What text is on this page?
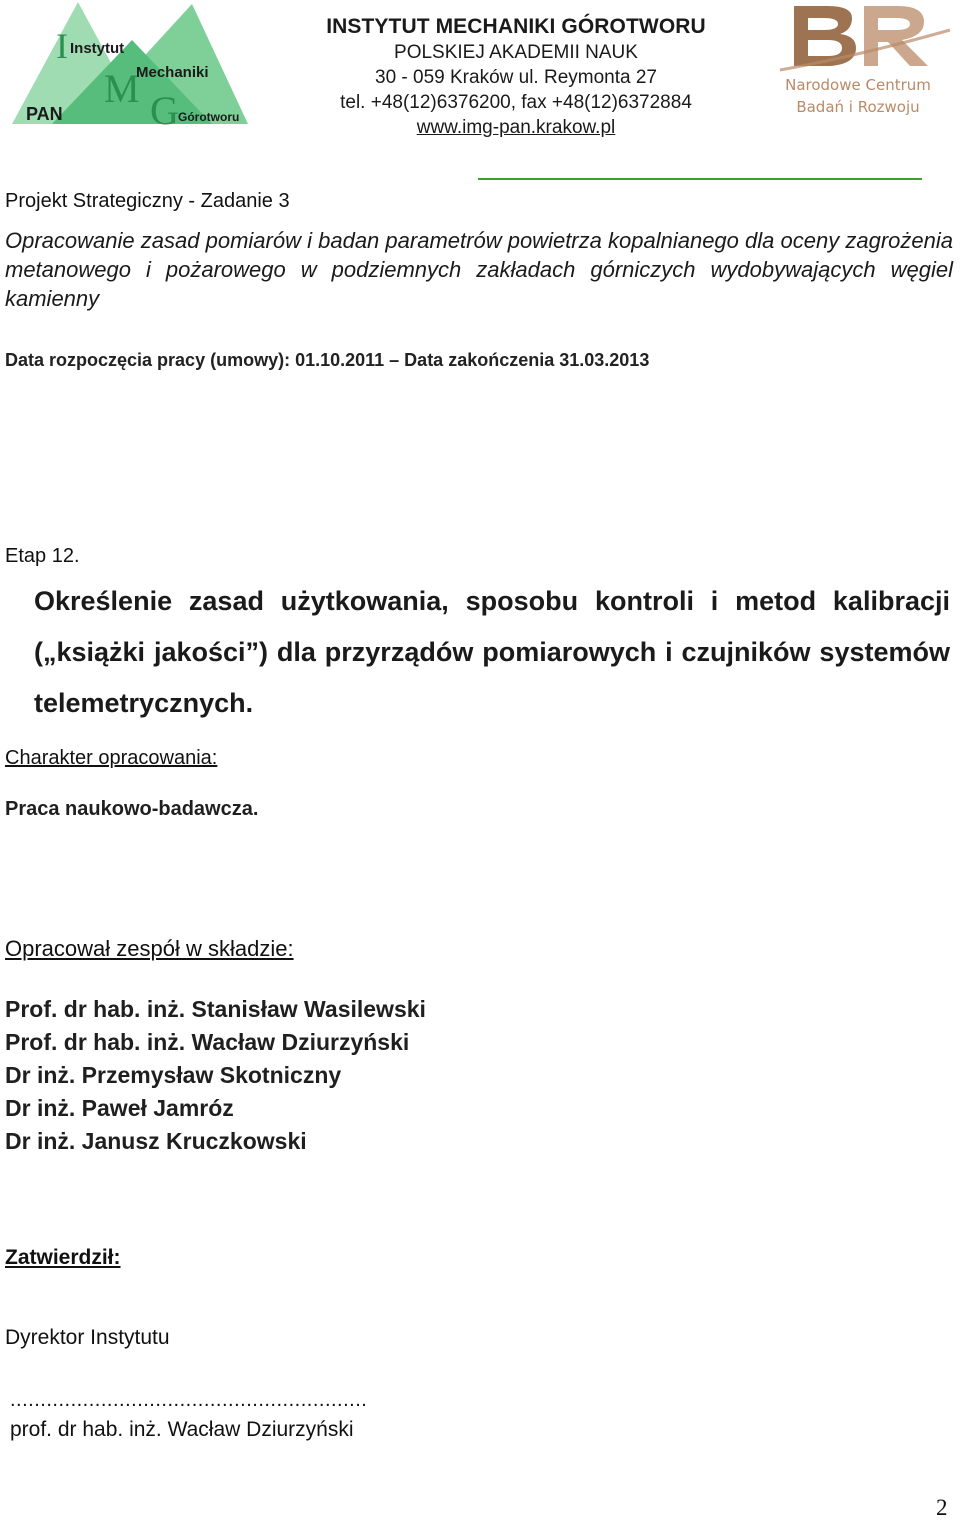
I
M G
Instytut
Mechaniki
Górotworu
PAN
INSTYTUT MECHANIKI GÓROTWORU
POLSKIEJ AKADEMII NAUK
30 - 059 Kraków ul. Reymonta 27
tel. +48(12)6376200, fax +48(12)6372884
www.img-pan.krakow.pl
Narodowe Centrum
Badań i Rozwoju
Projekt Strategiczny - Zadanie 3
Opracowanie zasad pomiarów i badan parametrów powietrza kopalnianego dla oceny zagrożenia metanowego i pożarowego w podziemnych zakładach górniczych wydobywających węgiel kamienny
Data rozpoczęcia pracy (umowy): 01.10.2011 – Data zakończenia 31.03.2013
Etap 12.
Określenie zasad użytkowania, sposobu kontroli i metod kalibracji („książki jakości”) dla przyrządów pomiarowych i czujników systemów telemetrycznych.
Charakter opracowania:
Praca naukowo-badawcza.
Opracował zespół w składzie:
Prof. dr hab. inż. Stanisław Wasilewski
Prof. dr hab. inż. Wacław Dziurzyński
Dr inż. Przemysław Skotniczny
Dr inż. Paweł Jamróz
Dr inż. Janusz Kruczkowski
Zatwierdził:
Dyrektor Instytutu
...........................................................
prof. dr hab. inż. Wacław Dziurzyński
2
